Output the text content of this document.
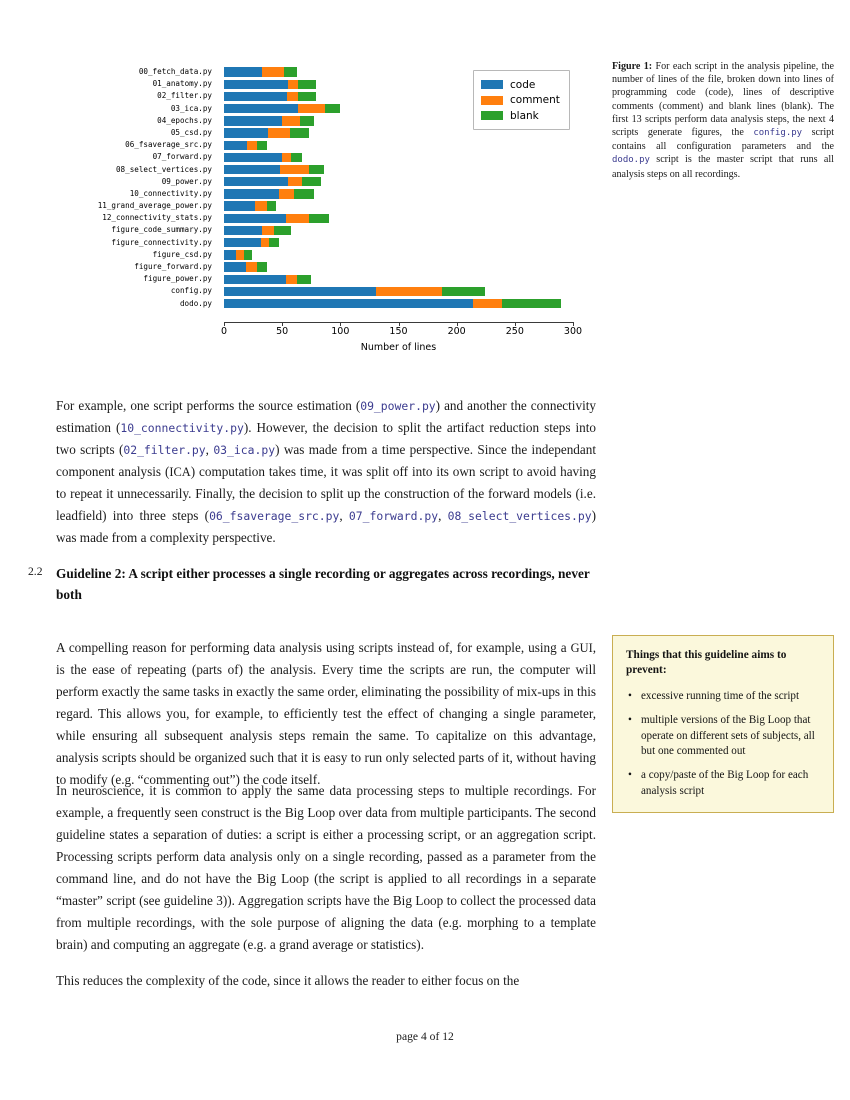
00_fetch_data.py
01_anatomy.py
02_filter.py
03_ica.py
04_epochs.py
05_csd.py
06_fsaverage_src.py
07_forward.py
08_select_vertices.py
09_power.py
10_connectivity.py
11_grand_average_power.py
12_connectivity_stats.py
figure_code_summary.py
figure_connectivity.py
figure_csd.py
figure_forward.py
figure_power.py
config.py
dodo.py
0	50	100	150	200	250	300
Number of lines
code
comment
blank
Figure 1: For each script in the analysis pipeline, the number of lines of the file, broken down into lines of programming code (code), lines of descriptive comments (comment) and blank lines (blank). The first 13 scripts perform data analysis steps, the next 4 scripts generate figures, the config.py script contains all configuration parameters and the dodo.py script is the master script that runs all analysis steps on all recordings.

For example, one script performs the source estimation (09_power.py) and another the connectivity estimation (10_connectivity.py). However, the decision to split the artifact reduction steps into two scripts (02_filter.py, 03_ica.py) was made from a time perspective. Since the independant component analysis (ICA) computation takes time, it was split off into its own script to avoid having to repeat it unnecessarily. Finally, the decision to split up the construction of the forward models (i.e. leadfield) into three steps (06_fsaverage_src.py, 07_forward.py, 08_select_vertices.py) was made from a complexity perspective.

2.2 Guideline 2: A script either processes a single recording or aggregates across recordings, never both

A compelling reason for performing data analysis using scripts instead of, for example, using a GUI, is the ease of repeating (parts of) the analysis. Every time the scripts are run, the computer will perform exactly the same tasks in exactly the same order, eliminating the possibility of mix-ups in this regard. This allows you, for example, to efficiently test the effect of changing a single parameter, while ensuring all subsequent analysis steps remain the same. To capitalize on this advantage, analysis scripts should be organized such that it is easy to run only selected parts of it, without having to modify (e.g. “commenting out”) the code itself.

In neuroscience, it is common to apply the same data processing steps to multiple recordings. For example, a frequently seen construct is the Big Loop over data from multiple participants. The second guideline states a separation of duties: a script is either a processing script, or an aggregation script. Processing scripts perform data analysis only on a single recording, passed as a parameter from the command line, and do not have the Big Loop (the script is applied to all recordings in a separate “master” script (see guideline 3)). Aggregation scripts have the Big Loop to collect the processed data from multiple recordings, with the sole purpose of aligning the data (e.g. morphing to a template brain) and computing an aggregate (e.g. a grand average or statistics).

This reduces the complexity of the code, since it allows the reader to either focus on the

Things that this guideline aims to prevent:
• excessive running time of the script
• multiple versions of the Big Loop that operate on different sets of subjects, all but one commented out
• a copy/paste of the Big Loop for each analysis script
page 4 of 12
